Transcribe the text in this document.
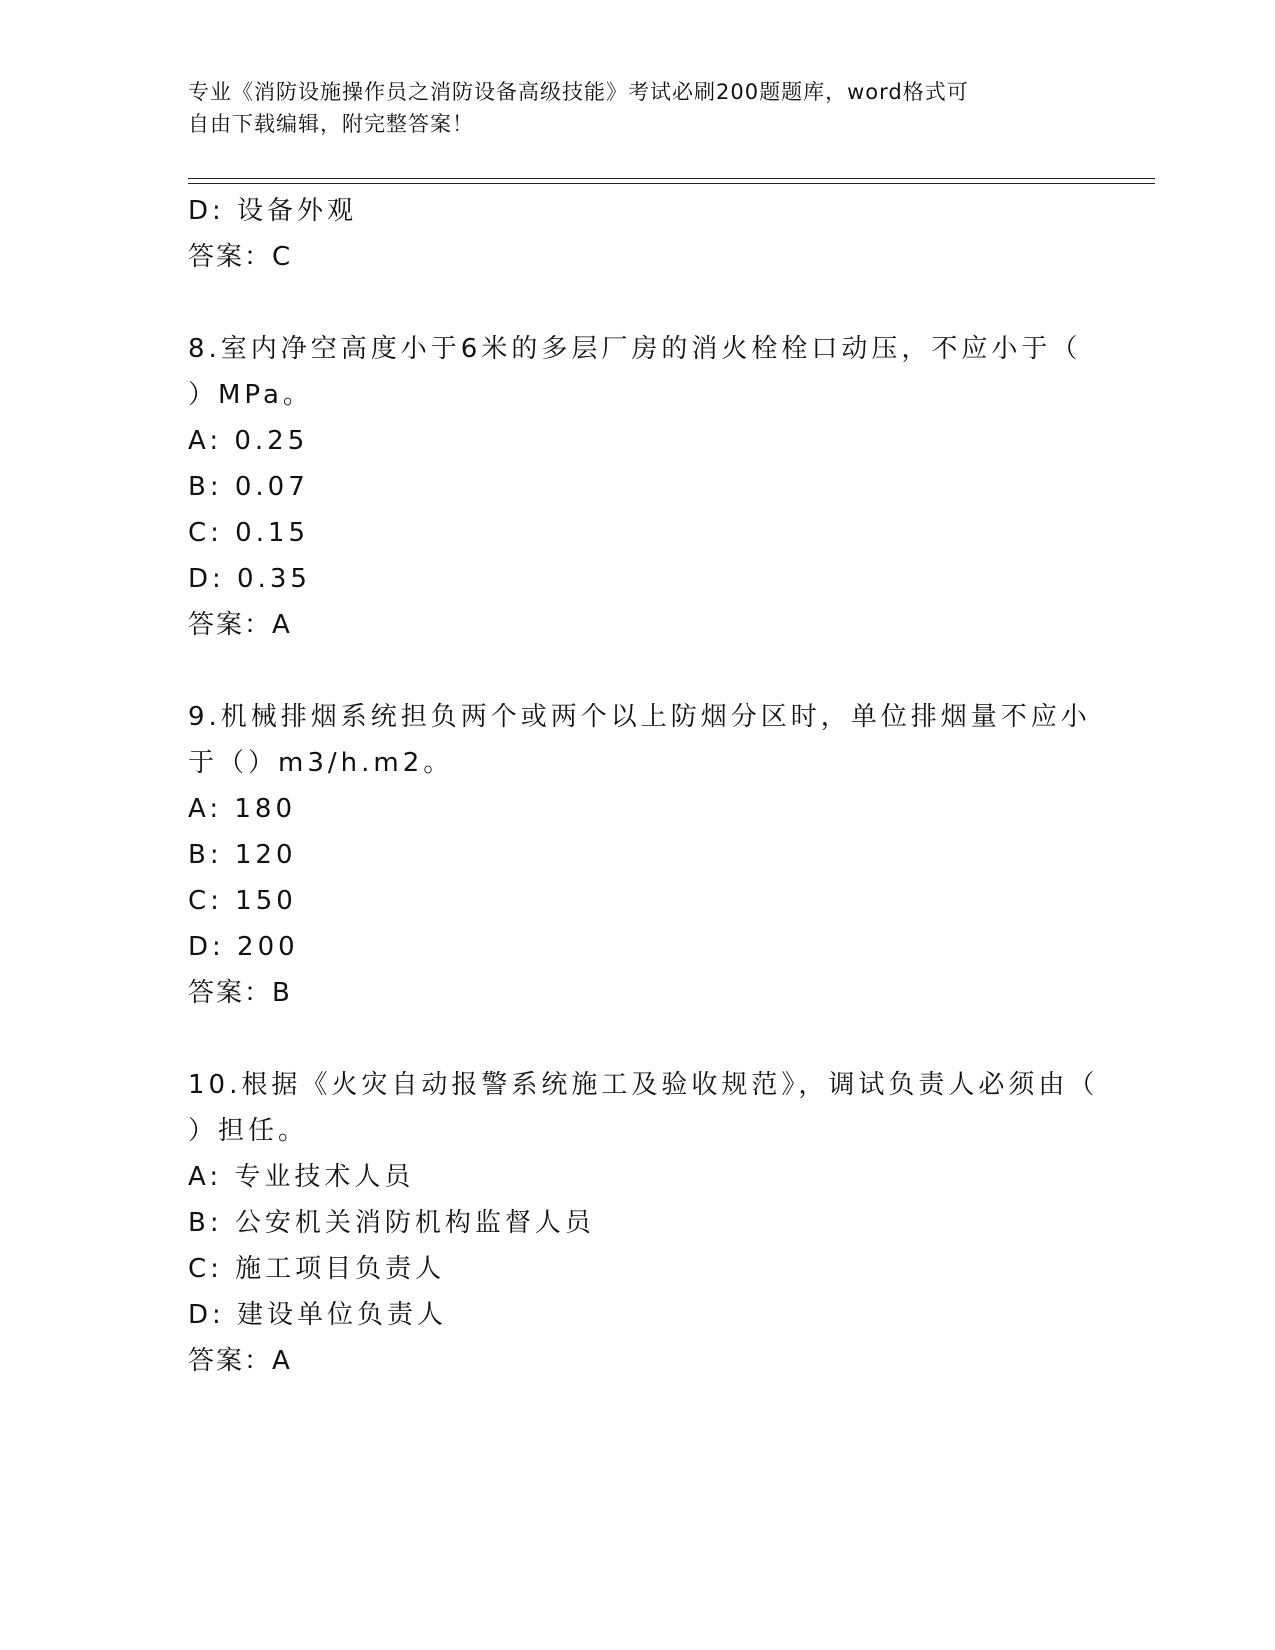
专业《消防设施操作员之消防设备高级技能》考试必刷200题题库，word格式可
自由下载编辑，附完整答案！
D: 设备外观
答案：C
8.室内净空高度小于6米的多层厂房的消火栓栓口动压，不应小于（
）MPa。
A: 0.25
B: 0.07
C: 0.15
D: 0.35
答案：A
9.机械排烟系统担负两个或两个以上防烟分区时，单位排烟量不应小
于（）m3/h.m2。
A: 180
B: 120
C: 150
D: 200
答案：B
10.根据《火灾自动报警系统施工及验收规范》，调试负责人必须由（
）担任。
A: 专业技术人员
B: 公安机关消防机构监督人员
C: 施工项目负责人
D: 建设单位负责人
答案：A
